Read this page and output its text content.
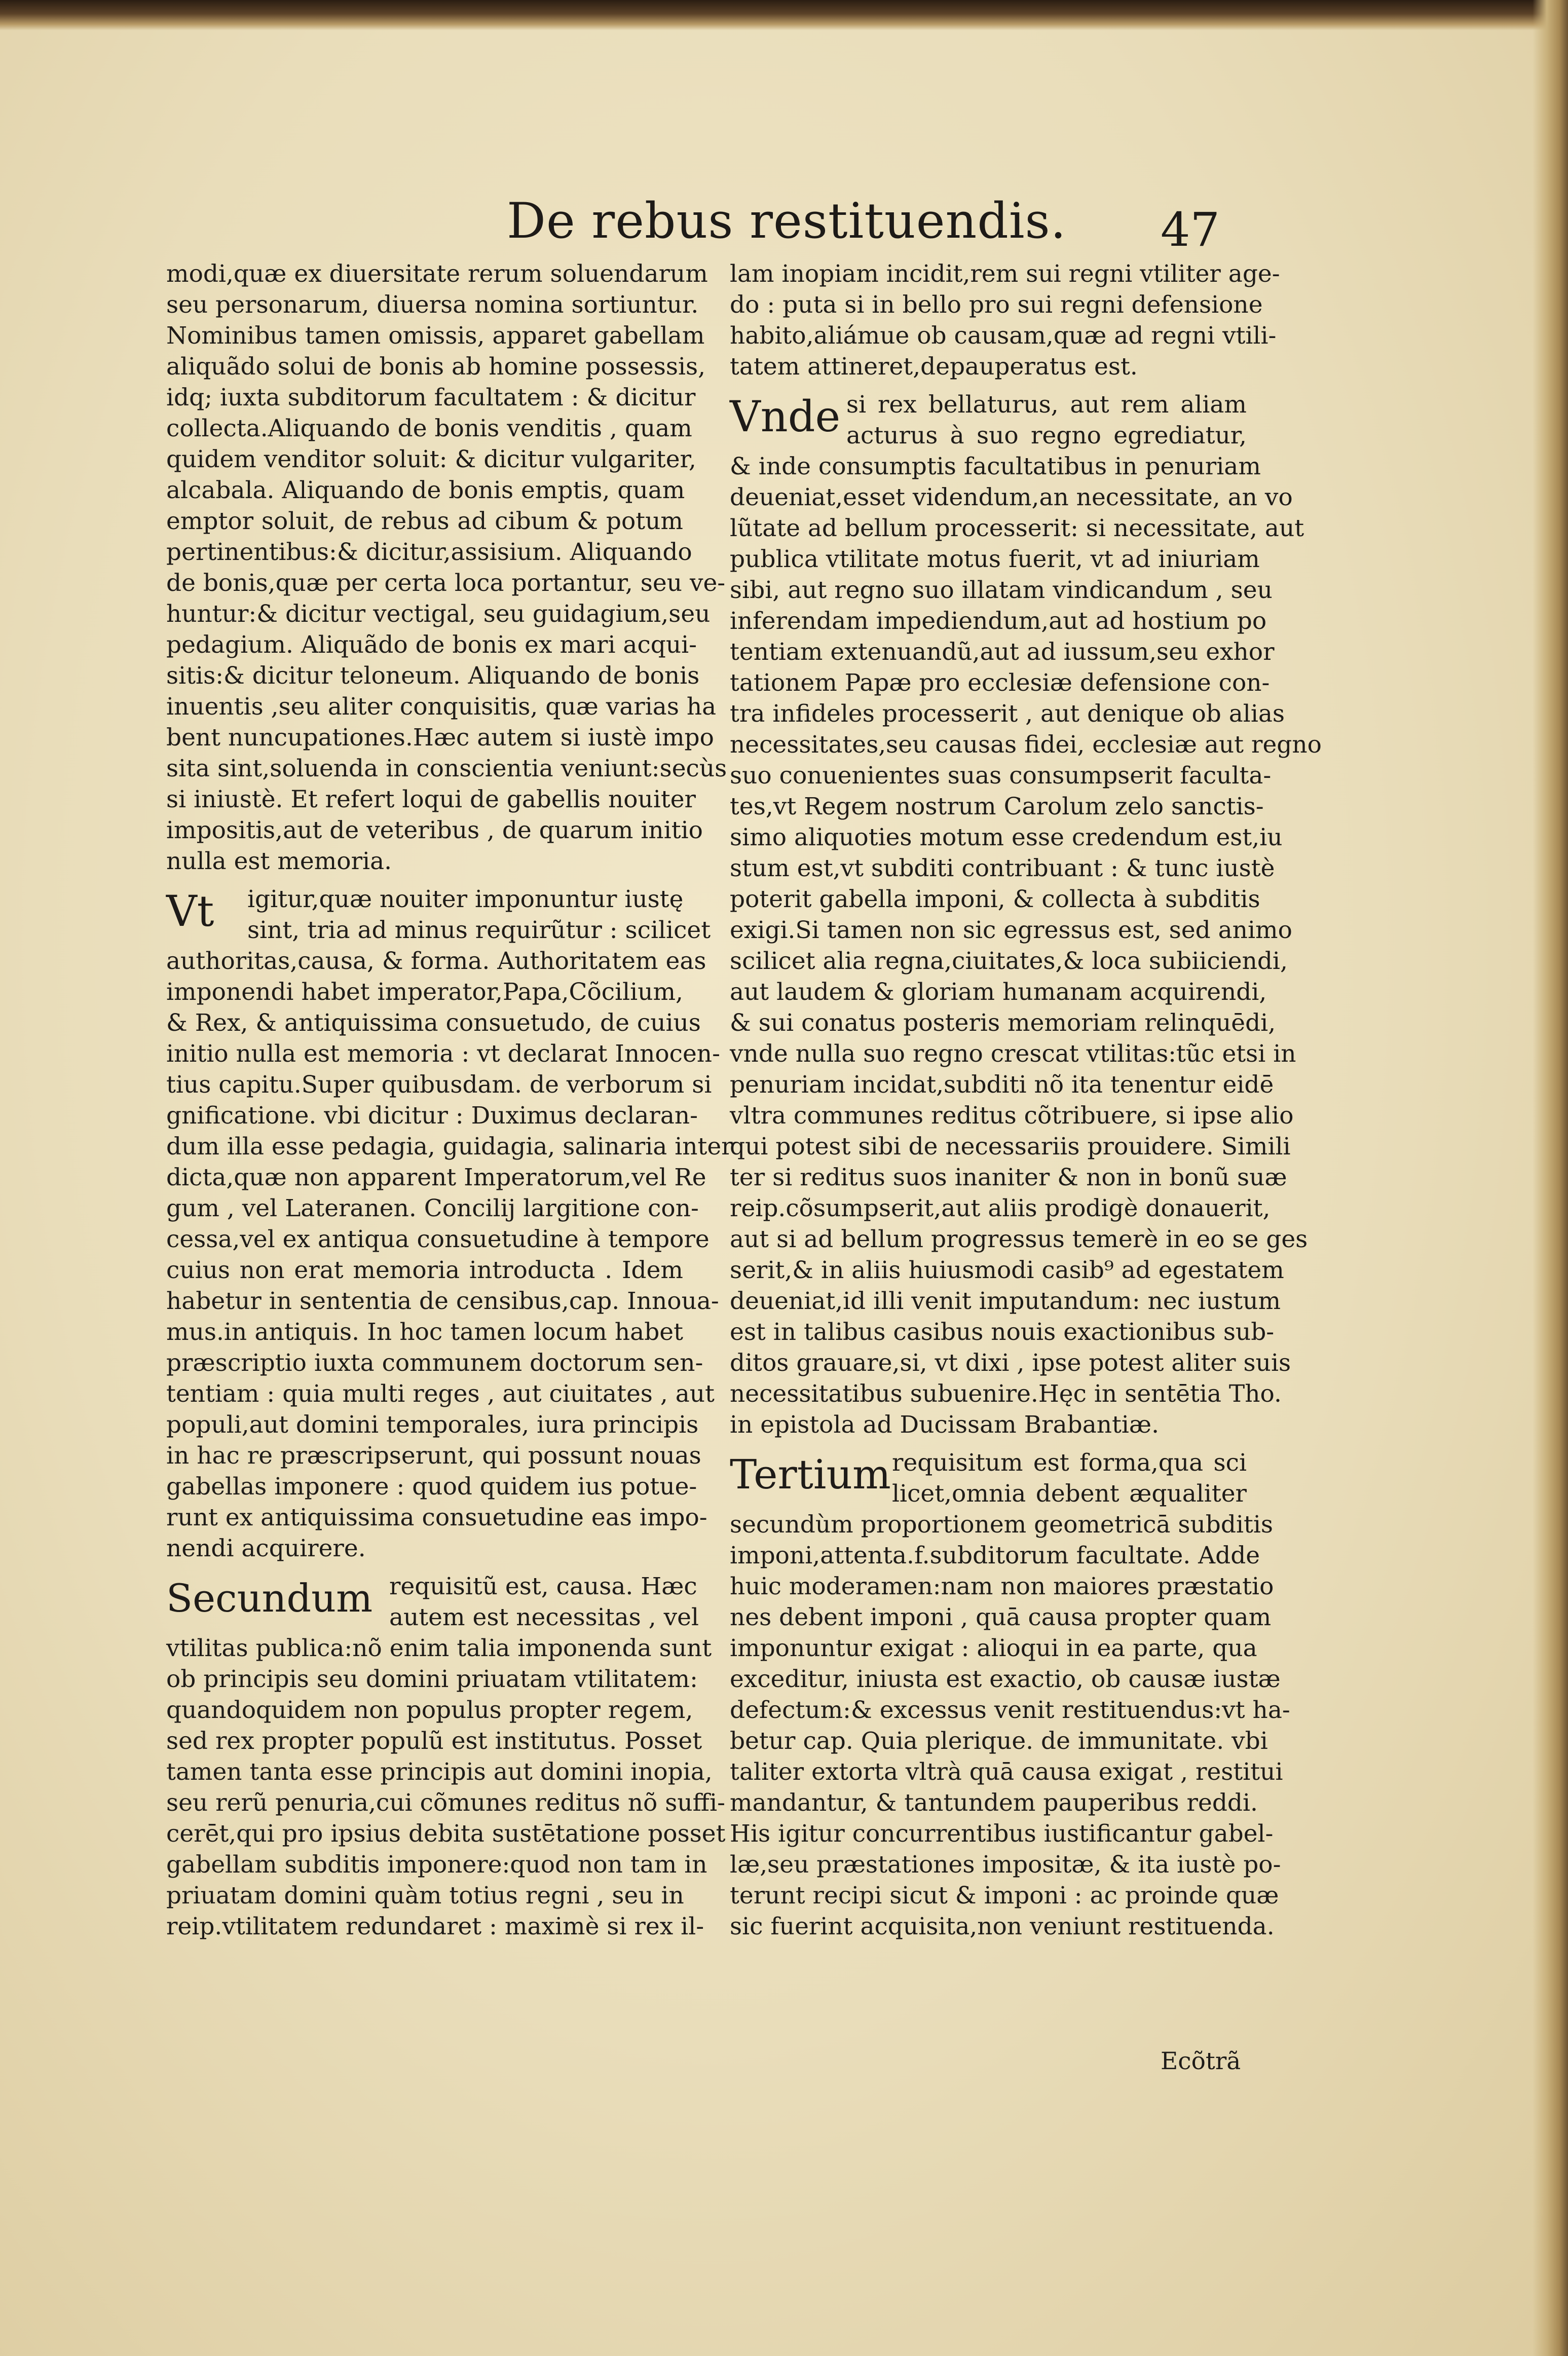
De rebus restituendis. 47
modi,quæ ex diuersitate rerum soluendarum
seu personarum, diuersa nomina sortiuntur.
Nominibus tamen omissis, apparet gabellam
aliquãdo solui de bonis ab homine possessis,
idq; iuxta subditorum facultatem : & dicitur
collecta.Aliquando de bonis venditis , quam
quidem venditor soluit: & dicitur vulgariter,
alcabala. Aliquando de bonis emptis, quam
emptor soluit, de rebus ad cibum & potum
pertinentibus:& dicitur,assisium. Aliquando
de bonis,quæ per certa loca portantur, seu ve-
huntur:& dicitur vectigal, seu guidagium,seu
pedagium. Aliquãdo de bonis ex mari acqui-
sitis:& dicitur teloneum. Aliquando de bonis
inuentis ,seu aliter conquisitis, quæ varias ha
bent nuncupationes.Hæc autem si iustè impo
sita sint,soluenda in conscientia veniunt:secùs
si iniustè. Et refert loqui de gabellis nouiter
impositis,aut de veteribus , de quarum initio
nulla est memoria.
Vt igitur,quæ nouiter imponuntur iustę
sint, tria ad minus requirũtur : scilicet
authoritas,causa, & forma. Authoritatem eas
imponendi habet imperator,Papa,Cõcilium,
& Rex, & antiquissima consuetudo, de cuius
initio nulla est memoria : vt declarat Innocen-
tius capitu.Super quibusdam. de verborum si
gnificatione. vbi dicitur : Duximus declaran-
dum illa esse pedagia, guidagia, salinaria inter
dicta,quæ non apparent Imperatorum,vel Re
gum , vel Lateranen. Concilij largitione con-
cessa,vel ex antiqua consuetudine à tempore
cuius non erat memoria introducta . Idem
habetur in sententia de censibus,cap. Innoua-
mus.in antiquis. In hoc tamen locum habet
præscriptio iuxta communem doctorum sen-
tentiam : quia multi reges , aut ciuitates , aut
populi,aut domini temporales, iura principis
in hac re præscripserunt, qui possunt nouas
gabellas imponere : quod quidem ius potue-
runt ex antiquissima consuetudine eas impo-
nendi acquirere.
Secundum requisitũ est, causa. Hæc
autem est necessitas , vel
vtilitas publica:nõ enim talia imponenda sunt
ob principis seu domini priuatam vtilitatem:
quandoquidem non populus propter regem,
sed rex propter populũ est institutus. Posset
tamen tanta esse principis aut domini inopia,
seu rerũ penuria,cui cõmunes reditus nõ suffi-
cerēt,qui pro ipsius debita sustētatione posset
gabellam subditis imponere:quod non tam in
priuatam domini quàm totius regni , seu in
reip.vtilitatem redundaret : maximè si rex il-
lam inopiam incidit,rem sui regni vtiliter age-
do : puta si in bello pro sui regni defensione
habito,aliámue ob causam,quæ ad regni vtili-
tatem attineret,depauperatus est.
Vnde si rex bellaturus, aut rem aliam
acturus à suo regno egrediatur,
& inde consumptis facultatibus in penuriam
deueniat,esset videndum,an necessitate, an vo
lũtate ad bellum processerit: si necessitate, aut
publica vtilitate motus fuerit, vt ad iniuriam
sibi, aut regno suo illatam vindicandum , seu
inferendam impediendum,aut ad hostium po
tentiam extenuandũ,aut ad iussum,seu exhor
tationem Papæ pro ecclesiæ defensione con-
tra infideles processerit , aut denique ob alias
necessitates,seu causas fidei, ecclesiæ aut regno
suo conuenientes suas consumpserit faculta-
tes,vt Regem nostrum Carolum zelo sanctis-
simo aliquoties motum esse credendum est,iu
stum est,vt subditi contribuant : & tunc iustè
poterit gabella imponi, & collecta à subditis
exigi.Si tamen non sic egressus est, sed animo
scilicet alia regna,ciuitates,& loca subiiciendi,
aut laudem & gloriam humanam acquirendi,
& sui conatus posteris memoriam relinquēdi,
vnde nulla suo regno crescat vtilitas:tũc etsi in
penuriam incidat,subditi nõ ita tenentur eidē
vltra communes reditus cõtribuere, si ipse alio
qui potest sibi de necessariis prouidere. Simili
ter si reditus suos inaniter & non in bonũ suæ
reip.cõsumpserit,aut aliis prodigè donauerit,
aut si ad bellum progressus temerè in eo se ges
serit,& in aliis huiusmodi casib⁹ ad egestatem
deueniat,id illi venit imputandum: nec iustum
est in talibus casibus nouis exactionibus sub-
ditos grauare,si, vt dixi , ipse potest aliter suis
necessitatibus subuenire.Hęc in sentētia Tho.
in epistola ad Ducissam Brabantiæ.
Tertium requisitum est forma,qua sci
licet,omnia debent æqualiter
secundùm proportionem geometricā subditis
imponi,attenta.f.subditorum facultate. Adde
huic moderamen:nam non maiores præstatio
nes debent imponi , quā causa propter quam
imponuntur exigat : alioqui in ea parte, qua
exceditur, iniusta est exactio, ob causæ iustæ
defectum:& excessus venit restituendus:vt ha-
betur cap. Quia plerique. de immunitate. vbi
taliter extorta vltrà quā causa exigat , restitui
mandantur, & tantundem pauperibus reddi.
His igitur concurrentibus iustificantur gabel-
læ,seu præstationes impositæ, & ita iustè po-
terunt recipi sicut & imponi : ac proinde quæ
sic fuerint acquisita,non veniunt restituenda.
Ecõtrã
